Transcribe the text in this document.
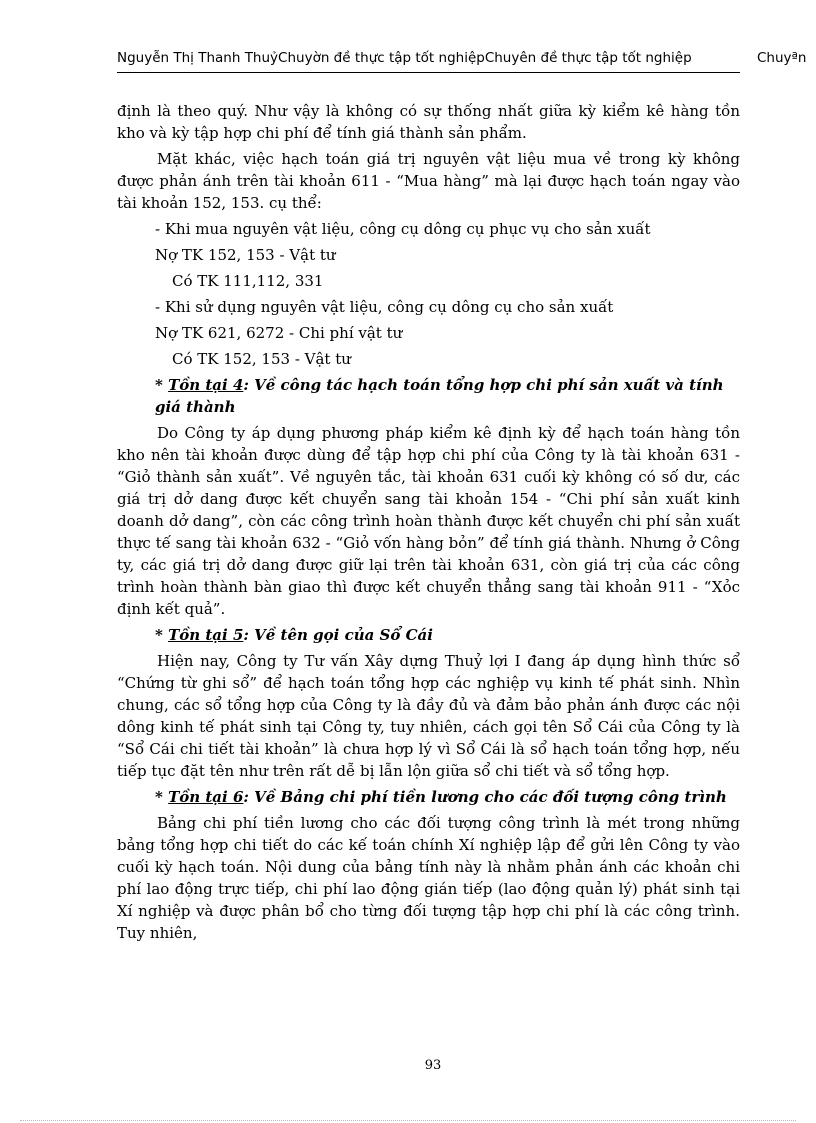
Nguyễn Thị Thanh ThuỷChuyờn đề thực tập tốt nghiệpChuyên đề thực tập tốt nghiệp	Chuyªn

định là theo quý. Như vậy là không có sự thống nhất giữa kỳ kiểm kê hàng tồn kho và kỳ tập hợp chi phí để tính giá thành sản phẩm.

Mặt khác, việc hạch toán giá trị nguyên vật liệu mua về trong kỳ không được phản ánh trên tài khoản 611 - “Mua hàng” mà lại được hạch toán ngay vào tài khoản 152, 153. cụ thể:

- Khi mua nguyên vật liệu, công cụ dông cụ phục vụ cho sản xuất
Nợ TK 152, 153 - Vật tư
Có TK 111,112, 331
- Khi sử dụng nguyên vật liệu, công cụ dông cụ cho sản xuất
Nợ TK 621, 6272 - Chi phí vật tư
Có TK 152, 153 - Vật tư
* Tồn tại 4: Về công tác hạch toán tổng hợp chi phí sản xuất và tính giá thành

Do Công ty áp dụng phương pháp kiểm kê định kỳ để hạch toán hàng tồn kho nên tài khoản được dùng để tập hợp chi phí của Công ty là tài khoản 631 - “Giỏ thành sản xuất”. Về nguyên tắc, tài khoản 631 cuối kỳ không có số dư, các giá trị dở dang được kết chuyển sang tài khoản 154 - “Chi phí sản xuất kinh doanh dở dang”, còn các công trình hoàn thành được kết chuyển chi phí sản xuất thực tế sang tài khoản 632 - “Giỏ vốn hàng bỏn” để tính giá thành. Nhưng ở Công ty, các giá trị dở dang được giữ lại trên tài khoản 631, còn giá trị của các công trình hoàn thành bàn giao thì được kết chuyển thẳng sang tài khoản 911 - “Xỏc định kết quả”.

* Tồn tại 5: Về tên gọi của Sổ Cái

Hiện nay, Công ty Tư vấn Xây dựng Thuỷ lợi I đang áp dụng hình thức sổ “Chứng từ ghi sổ” để hạch toán tổng hợp các nghiệp vụ kinh tế phát sinh. Nhìn chung, các sổ tổng hợp của Công ty là đầy đủ và đảm bảo phản ánh được các nội dông kinh tế phát sinh tại Công ty, tuy nhiên, cách gọi tên Sổ Cái của Công ty là “Sổ Cái chi tiết tài khoản” là chưa hợp lý vì Sổ Cái là sổ hạch toán tổng hợp, nếu tiếp tục đặt tên như trên rất dễ bị lẫn lộn giữa sổ chi tiết và sổ tổng hợp.

* Tồn tại 6: Về Bảng chi phí tiền lương cho các đối tượng công trình

Bảng chi phí tiền lương cho các đối tượng công trình là mét trong những bảng tổng hợp chi tiết do các kế toán chính Xí nghiệp lập để gửi lên Công ty vào cuối kỳ hạch toán. Nội dung của bảng tính này là nhằm phản ánh các khoản chi phí lao động trực tiếp, chi phí lao động gián tiếp (lao động quản lý) phát sinh tại Xí nghiệp và được phân bổ cho từng đối tượng tập hợp chi phí là các công trình. Tuy nhiên,

93
